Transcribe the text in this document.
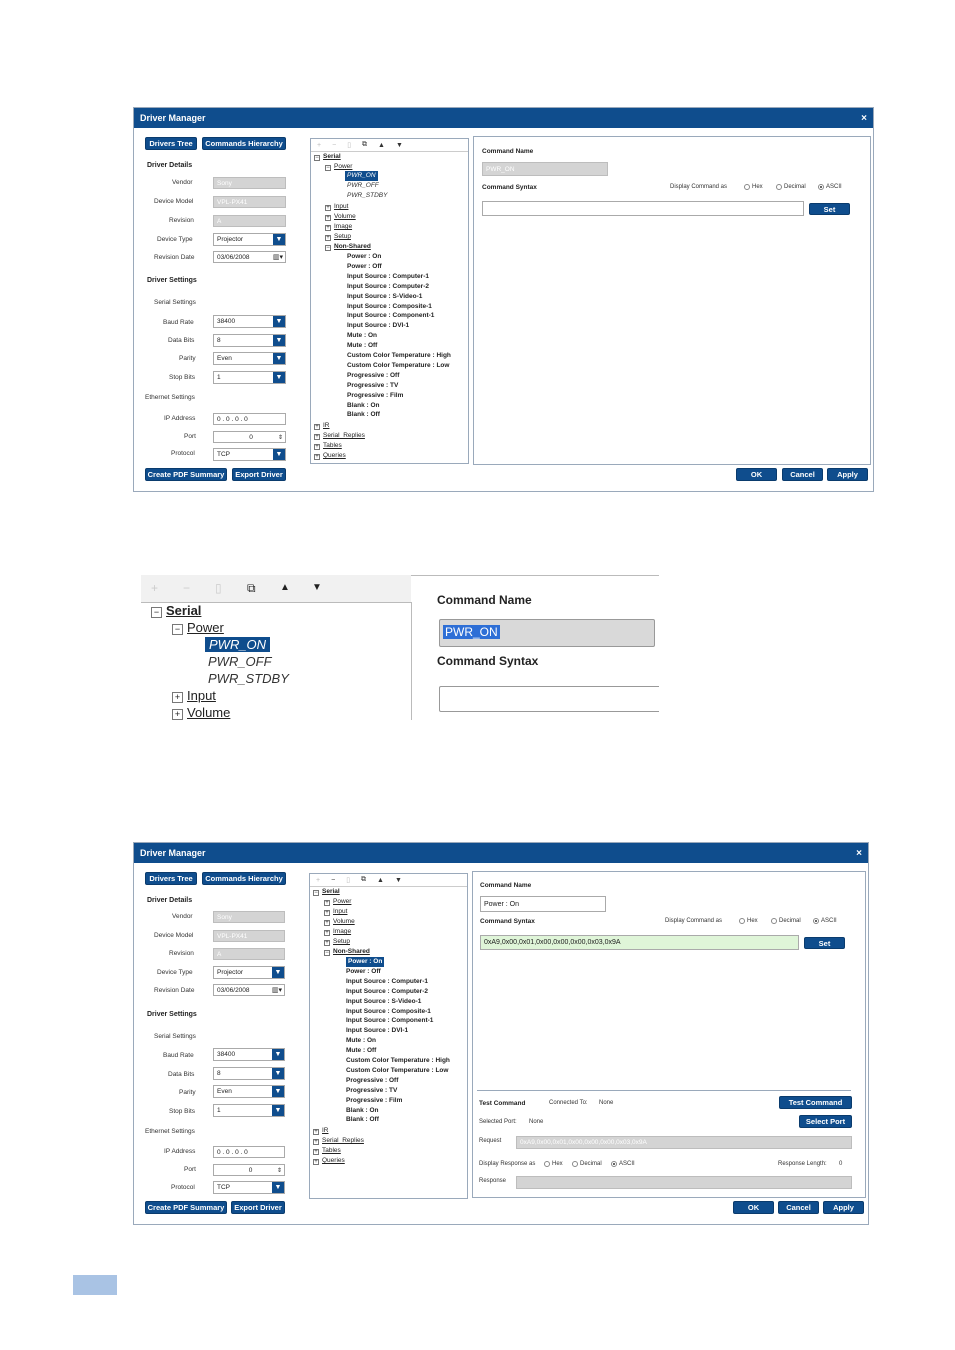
Driver Manager	×
Drivers Tree	Commands Hierarchy
Driver Details
Vendor	Sony
Device Model	VPL-PX41
Revision	A
Device Type	Projector	▼
Revision Date	03/06/2008	▥▾
Driver Settings
Serial Settings
Baud Rate	38400	▼
Data Bits	8	▼
Parity	Even	▼
Stop Bits	1	▼
Ethernet Settings
IP Address	0 . 0 . 0 . 0
Port	0	⇕
Protocol	TCP	▼
Create PDF Summary	Export Driver
+ − ▯ ⧉ ▲ ▼
− Serial
− Power
PWR_ON
PWR_OFF
PWR_STDBY
+ Input
+ Volume
+ Image
+ Setup
− Non-Shared
Power : On
Power : Off
Input Source : Computer-1
Input Source : Computer-2
Input Source : S-Video-1
Input Source : Composite-1
Input Source : Component-1
Input Source : DVI-1
Mute : On
Mute : Off
Custom Color Temperature : High
Custom Color Temperature : Low
Progressive : Off
Progressive : TV
Progressive : Film
Blank : On
Blank : Off
+ IR
+ Serial_Replies
+ Tables
+ Queries
Command Name
PWR_ON
Command Syntax	Display Command as	Hex	Decimal	ASCII
Set
OK	Cancel	Apply
+ − ▯ ⧉ ▲ ▼
− Serial
− Power
PWR_ON
PWR_OFF
PWR_STDBY
+ Input
+ Volume
Command Name
PWR_ON
Command Syntax
Driver Manager	×
Drivers Tree	Commands Hierarchy
Driver Details
Vendor	Sony
Device Model	VPL-PX41
Revision	A
Device Type	Projector	▼
Revision Date	03/06/2008	▥▾
Driver Settings
Serial Settings
Baud Rate	38400	▼
Data Bits	8	▼
Parity	Even	▼
Stop Bits	1	▼
Ethernet Settings
IP Address	0 . 0 . 0 . 0
Port	0	⇕
Protocol	TCP	▼
Create PDF Summary	Export Driver
+ − ▯ ⧉ ▲ ▼
− Serial
+ Power
+ Input
+ Volume
+ Image
+ Setup
− Non-Shared
Power : On
Power : Off
Input Source : Computer-1
Input Source : Computer-2
Input Source : S-Video-1
Input Source : Composite-1
Input Source : Component-1
Input Source : DVI-1
Mute : On
Mute : Off
Custom Color Temperature : High
Custom Color Temperature : Low
Progressive : Off
Progressive : TV
Progressive : Film
Blank : On
Blank : Off
+ IR
+ Serial_Replies
+ Tables
+ Queries
Command Name
Power : On
Command Syntax	Display Command as	Hex	Decimal	ASCII
0xA9,0x00,0x01,0x00,0x00,0x00,0x03,0x9A	Set
Test Command	Connected To: None	Test Command
Selected Port: None	Select Port
Request	0xA9,0x00,0x01,0x00,0x00,0x00,0x03,0x9A
Display Response as	Hex	Decimal	ASCII	Response Length: 0
Response
OK	Cancel	Apply
